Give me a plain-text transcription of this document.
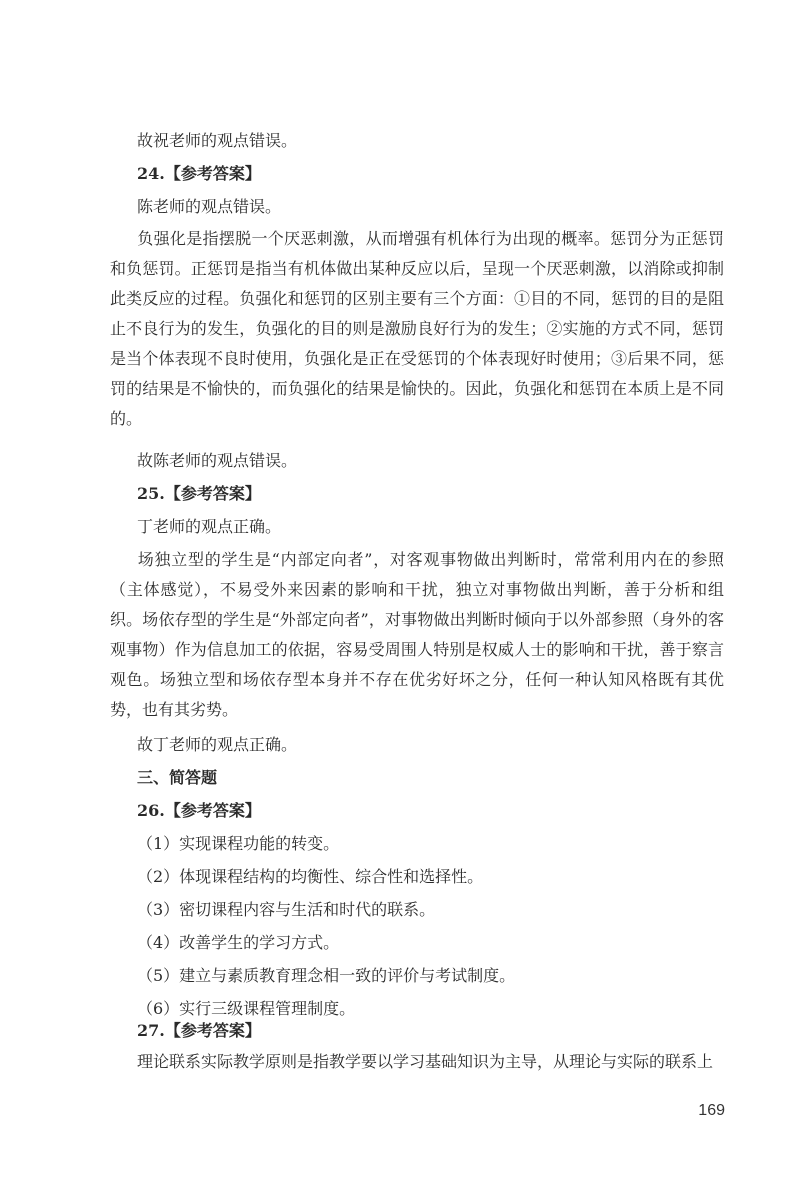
故祝老师的观点错误。
24.【参考答案】
陈老师的观点错误。
负强化是指摆脱一个厌恶刺激，从而增强有机体行为出现的概率。惩罚分为正惩罚和负惩罚。正惩罚是指当有机体做出某种反应以后，呈现一个厌恶刺激，以消除或抑制此类反应的过程。负强化和惩罚的区别主要有三个方面：①目的不同，惩罚的目的是阻止不良行为的发生，负强化的目的则是激励良好行为的发生；②实施的方式不同，惩罚是当个体表现不良时使用，负强化是正在受惩罚的个体表现好时使用；③后果不同，惩罚的结果是不愉快的，而负强化的结果是愉快的。因此，负强化和惩罚在本质上是不同的。
故陈老师的观点错误。
25.【参考答案】
丁老师的观点正确。
场独立型的学生是“内部定向者”，对客观事物做出判断时，常常利用内在的参照（主体感觉），不易受外来因素的影响和干扰，独立对事物做出判断，善于分析和组织。场依存型的学生是“外部定向者”，对事物做出判断时倾向于以外部参照（身外的客观事物）作为信息加工的依据，容易受周围人特别是权威人士的影响和干扰，善于察言观色。场独立型和场依存型本身并不存在优劣好坏之分，任何一种认知风格既有其优势，也有其劣势。
故丁老师的观点正确。
三、简答题
26.【参考答案】
（1）实现课程功能的转变。
（2）体现课程结构的均衡性、综合性和选择性。
（3）密切课程内容与生活和时代的联系。
（4）改善学生的学习方式。
（5）建立与素质教育理念相一致的评价与考试制度。
（6）实行三级课程管理制度。
27.【参考答案】
理论联系实际教学原则是指教学要以学习基础知识为主导，从理论与实际的联系上
169
